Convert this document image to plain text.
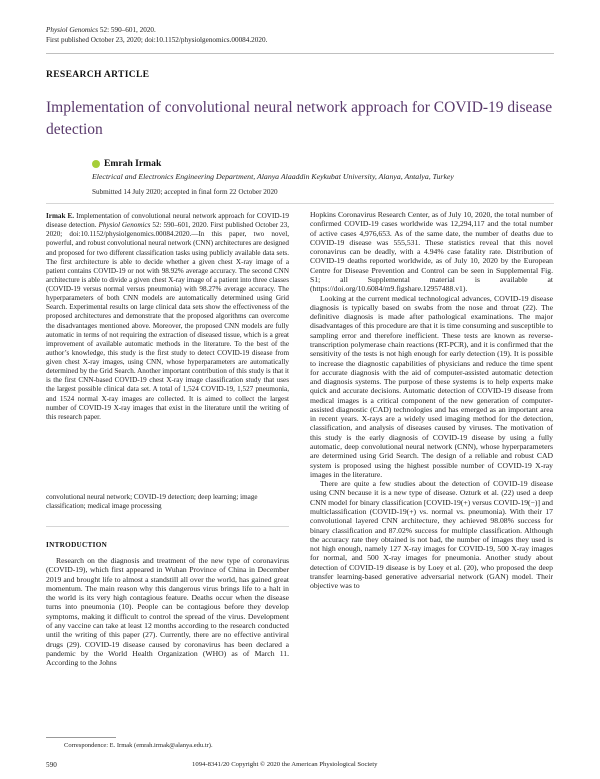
Physiol Genomics 52: 590–601, 2020.
First published October 23, 2020; doi:10.1152/physiolgenomics.00084.2020.
RESEARCH ARTICLE
Implementation of convolutional neural network approach for COVID-19 disease detection
Emrah Irmak
Electrical and Electronics Engineering Department, Alanya Alaaddin Keykubat University, Alanya, Antalya, Turkey
Submitted 14 July 2020; accepted in final form 22 October 2020

Irmak E. Implementation of convolutional neural network approach for COVID-19 disease detection. Physiol Genomics 52: 590–601, 2020. First published October 23, 2020; doi:10.1152/physiolgenomics.00084.2020.—In this paper, two novel, powerful, and robust convolutional neural network (CNN) architectures are designed and proposed for two different classification tasks using publicly available data sets. The first architecture is able to decide whether a given chest X-ray image of a patient contains COVID-19 or not with 98.92% average accuracy. The second CNN architecture is able to divide a given chest X-ray image of a patient into three classes (COVID-19 versus normal versus pneumonia) with 98.27% average accuracy. The hyperparameters of both CNN models are automatically determined using Grid Search. Experimental results on large clinical data sets show the effectiveness of the proposed architectures and demonstrate that the proposed algorithms can overcome the disadvantages mentioned above. Moreover, the proposed CNN models are fully automatic in terms of not requiring the extraction of diseased tissue, which is a great improvement of available automatic methods in the literature. To the best of the author’s knowledge, this study is the first study to detect COVID-19 disease from given chest X-ray images, using CNN, whose hyperparameters are automatically determined by the Grid Search. Another important contribution of this study is that it is the first CNN-based COVID-19 chest X-ray image classification study that uses the largest possible clinical data set. A total of 1,524 COVID-19, 1,527 pneumonia, and 1524 normal X-ray images are collected. It is aimed to collect the largest number of COVID-19 X-ray images that exist in the literature until the writing of this research paper.

convolutional neural network; COVID-19 detection; deep learning; image classification; medical image processing
INTRODUCTION
Research on the diagnosis and treatment of the new type of coronavirus (COVID-19), which first appeared in Wuhan Province of China in December 2019 and brought life to almost a standstill all over the world, has gained great momentum. The main reason why this dangerous virus brings life to a halt in the world is its very high contagious feature. Deaths occur when the disease turns into pneumonia (10). People can be contagious before they develop symptoms, making it difficult to control the spread of the virus. Development of any vaccine can take at least 12 months according to the research conducted until the writing of this paper (27). Currently, there are no effective antiviral drugs (29). COVID-19 disease caused by coronavirus has been declared a pandemic by the World Health Organization (WHO) as of March 11. According to the Johns

Hopkins Coronavirus Research Center, as of July 10, 2020, the total number of confirmed COVID-19 cases worldwide was 12,294,117 and the total number of active cases 4,976,653. As of the same date, the number of deaths due to COVID-19 disease was 555,531. These statistics reveal that this novel coronavirus can be deadly, with a 4.94% case fatality rate. Distribution of COVID-19 deaths reported worldwide, as of July 10, 2020 by the European Centre for Disease Prevention and Control can be seen in Supplemental Fig. S1; all Supplemental material is available at (https://doi.org/10.6084/m9.figshare.12957488.v1).

Looking at the current medical technological advances, COVID-19 disease diagnosis is typically based on swabs from the nose and throat (22). The definitive diagnosis is made after pathological examinations. The major disadvantages of this procedure are that it is time consuming and susceptible to sampling error and therefore inefficient. These tests are known as reverse-transcription polymerase chain reactions (RT-PCR), and it is confirmed that the sensitivity of the tests is not high enough for early detection (19). It is possible to increase the diagnostic capabilities of physicians and reduce the time spent for accurate diagnosis with the aid of computer-assisted automatic detection and diagnosis systems. The purpose of these systems is to help experts make quick and accurate decisions. Automatic detection of COVID-19 disease from medical images is a critical component of the new generation of computer-assisted diagnostic (CAD) technologies and has emerged as an important area in recent years. X-rays are a widely used imaging method for the detection, classification, and analysis of diseases caused by viruses. The motivation of this study is the early diagnosis of COVID-19 disease by using a fully automatic, deep convolutional neural network (CNN), whose hyperparameters are determined using Grid Search. The design of a reliable and robust CAD system is proposed using the highest possible number of COVID-19 X-ray images in the literature.

There are quite a few studies about the detection of COVID-19 disease using CNN because it is a new type of disease. Ozturk et al. (22) used a deep CNN model for binary classification [COVID-19(+) versus COVID-19(−)] and multiclassification (COVID-19(+) vs. normal vs. pneumonia). With their 17 convolutional layered CNN architecture, they achieved 98.08% success for binary classification and 87.02% success for multiple classification. Although the accuracy rate they obtained is not bad, the number of images they used is not high enough, namely 127 X-ray images for COVID-19, 500 X-ray images for normal, and 500 X-ray images for pneumonia. Another study about detection of COVID-19 disease is by Loey et al. (20), who proposed the deep transfer learning-based generative adversarial network (GAN) model. Their objective was to

Correspondence: E. Irmak (emrah.irmak@alanya.edu.tr).
590	1094-8341/20 Copyright © 2020 the American Physiological Society
